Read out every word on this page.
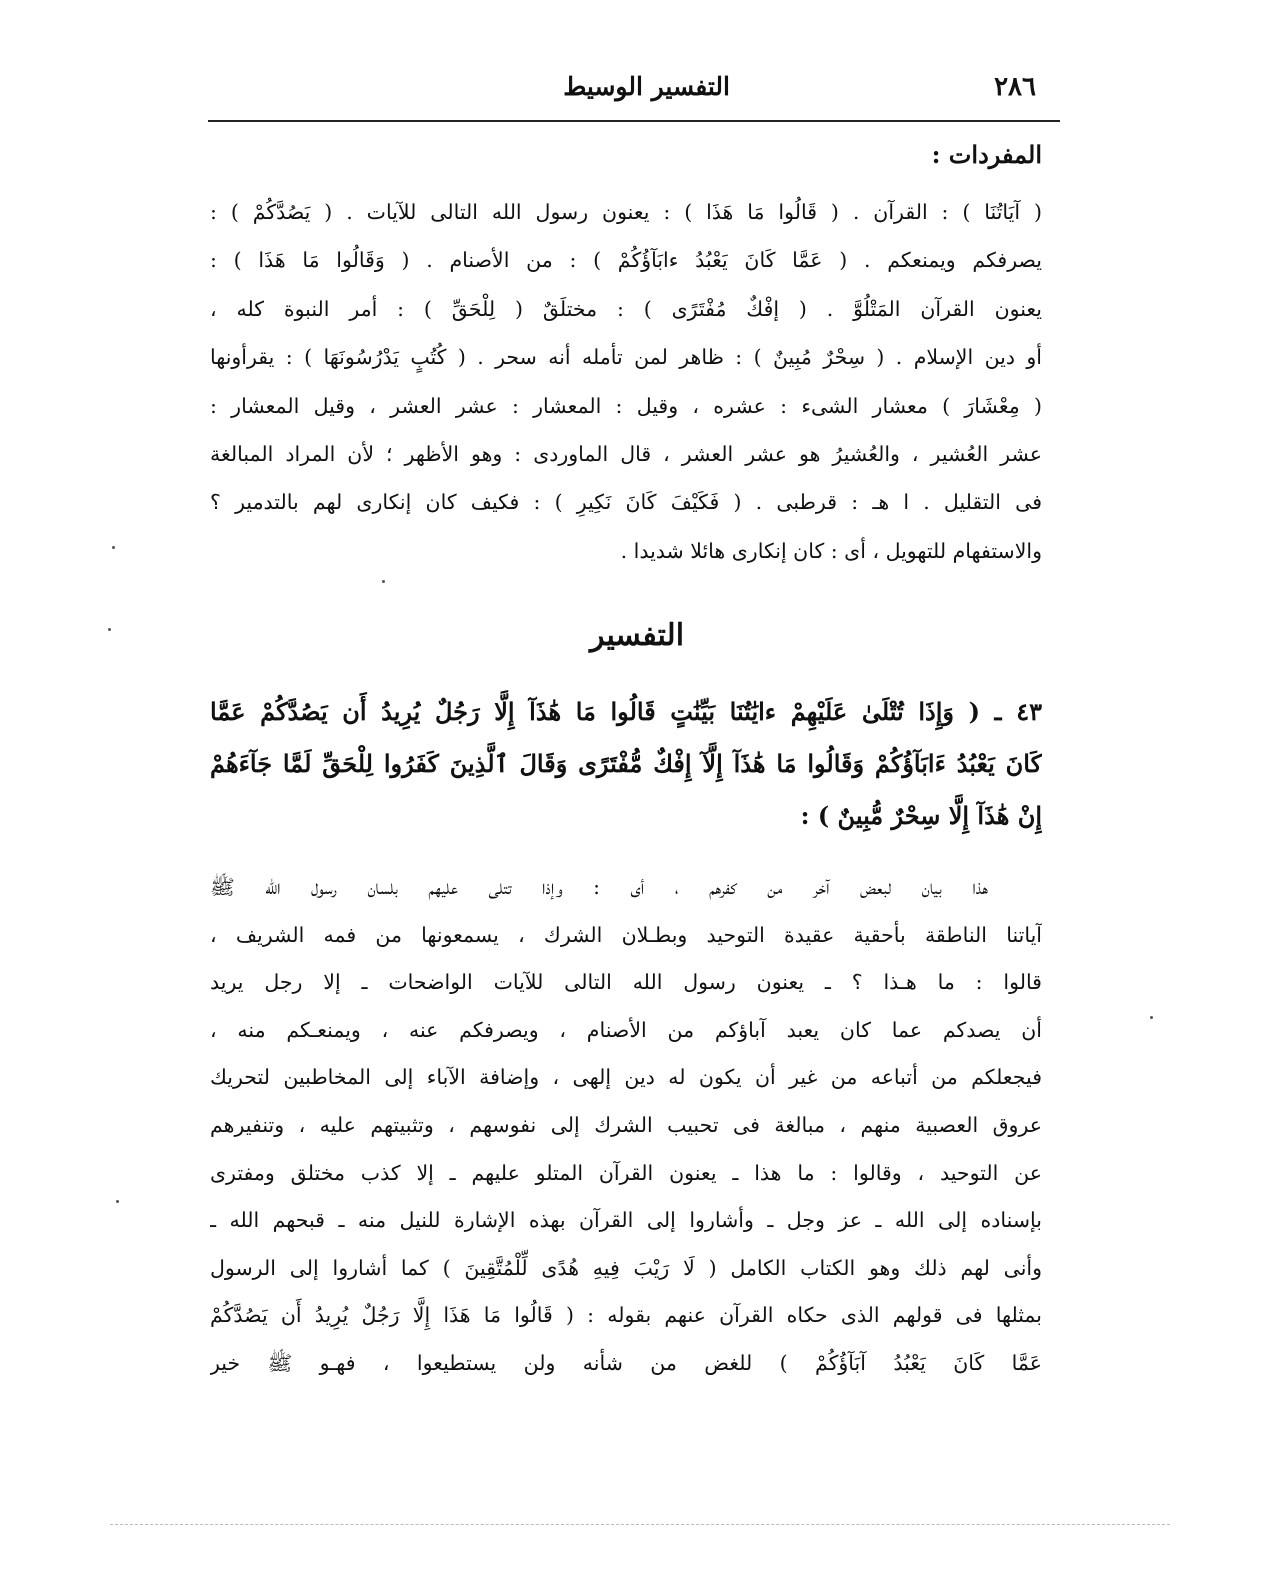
٢٨٦
التفسير الوسيط
المفردات :
( آيَاتُنَا ) : القرآن . ( قَالُوا مَا هَذَا ) : يعنون رسول الله التالى للآيات . ( يَصُدَّكُمْ ) :
يصرفكم ويمنعكم . ( عَمَّا كَانَ يَعْبُدُ ءابَآؤُكُمْ ) : من الأصنام . ( وَقَالُوا مَا هَذَا ) :
يعنون القرآن المَتْلُوَّ . ( إفْكٌ مُفْتَرًى ) : مختلَقٌ ( لِلْحَقِّ ) : أمر النبوة كله ،
أو دين الإسلام . ( سِحْرٌ مُبِينٌ ) : ظاهر لمن تأمله أنه سحر . ( كُتُبٍ يَدْرُسُونَهَا ) : يقرأونها
( مِعْشَارَ ) معشار الشىء : عشره ، وقيل : المعشار : عشر العشر ، وقيل المعشار :
عشر العُشير ، والعُشيرُ هو عشر العشر ، قال الماوردى : وهو الأظهر ؛ لأن المراد المبالغة
فى التقليل . ا هـ : قرطبى . ( فَكَيْفَ كَانَ نَكِيرِ ) : فكيف كان إنكارى لهم بالتدمير ؟
والاستفهام للتهويل ، أى : كان إنكارى هائلا شديدا .
التفسير
٤٣ ـ ( وَإِذَا تُتْلَىٰ عَلَيْهِمْ ءايَٰتُنَا بَيِّنَٰتٍ قَالُوا مَا هَٰذَآ إِلَّا رَجُلٌ يُرِيدُ أَن يَصُدَّكُمْ عَمَّا
كَانَ يَعْبُدُ ءَابَآؤُكُمْ وَقَالُوا مَا هَٰذَآ إِلَّآ إِفْكٌ مُّفْتَرًى وَقَالَ ٱلَّذِينَ كَفَرُوا لِلْحَقِّ لَمَّا جَآءَهُمْ
إِنْ هَٰذَآ إِلَّا سِحْرٌ مُّبِينٌ ) :
هذا بيان لبعض آخر من كفرهم ، أى : وإذا تتلى عليهم بلسان رسول الله ﷺ
آياتنا الناطقة بأحقية عقيدة التوحيد وبطـلان الشرك ، يسمعونها من فمه الشريف ،
قالوا : ما هـذا ؟ ـ يعنون رسول الله التالى للآيات الواضحات ـ إلا رجل يريد
أن يصدكم عما كان يعبد آباؤكم من الأصنام ، ويصرفكم عنه ، ويمنعـكم منه ،
فيجعلكم من أتباعه من غير أن يكون له دين إلهى ، وإضافة الآباء إلى المخاطبين لتحريك
عروق العصبية منهم ، مبالغة فى تحبيب الشرك إلى نفوسهم ، وتثبيتهم عليه ، وتنفيرهم
عن التوحيد ، وقالوا : ما هذا ـ يعنون القرآن المتلو عليهم ـ إلا كذب مختلق ومفترى
بإسناده إلى الله ـ عز وجل ـ وأشاروا إلى القرآن بهذه الإشارة للنيل منه ـ قبحهم الله ـ
وأنى لهم ذلك وهو الكتاب الكامل ( لَا رَيْبَ فِيهِ هُدًى لِّلْمُتَّقِينَ ) كما أشاروا إلى الرسول
بمثلها فى قولهم الذى حكاه القرآن عنهم بقوله : ( قَالُوا مَا هَذَا إِلَّا رَجُلٌ يُرِيدُ أَن يَصُدَّكُمْ
عَمَّا كَانَ يَعْبُدُ آبَآؤُكُمْ ) للغض من شأنه ولن يستطيعوا ، فهـو ﷺ خير
